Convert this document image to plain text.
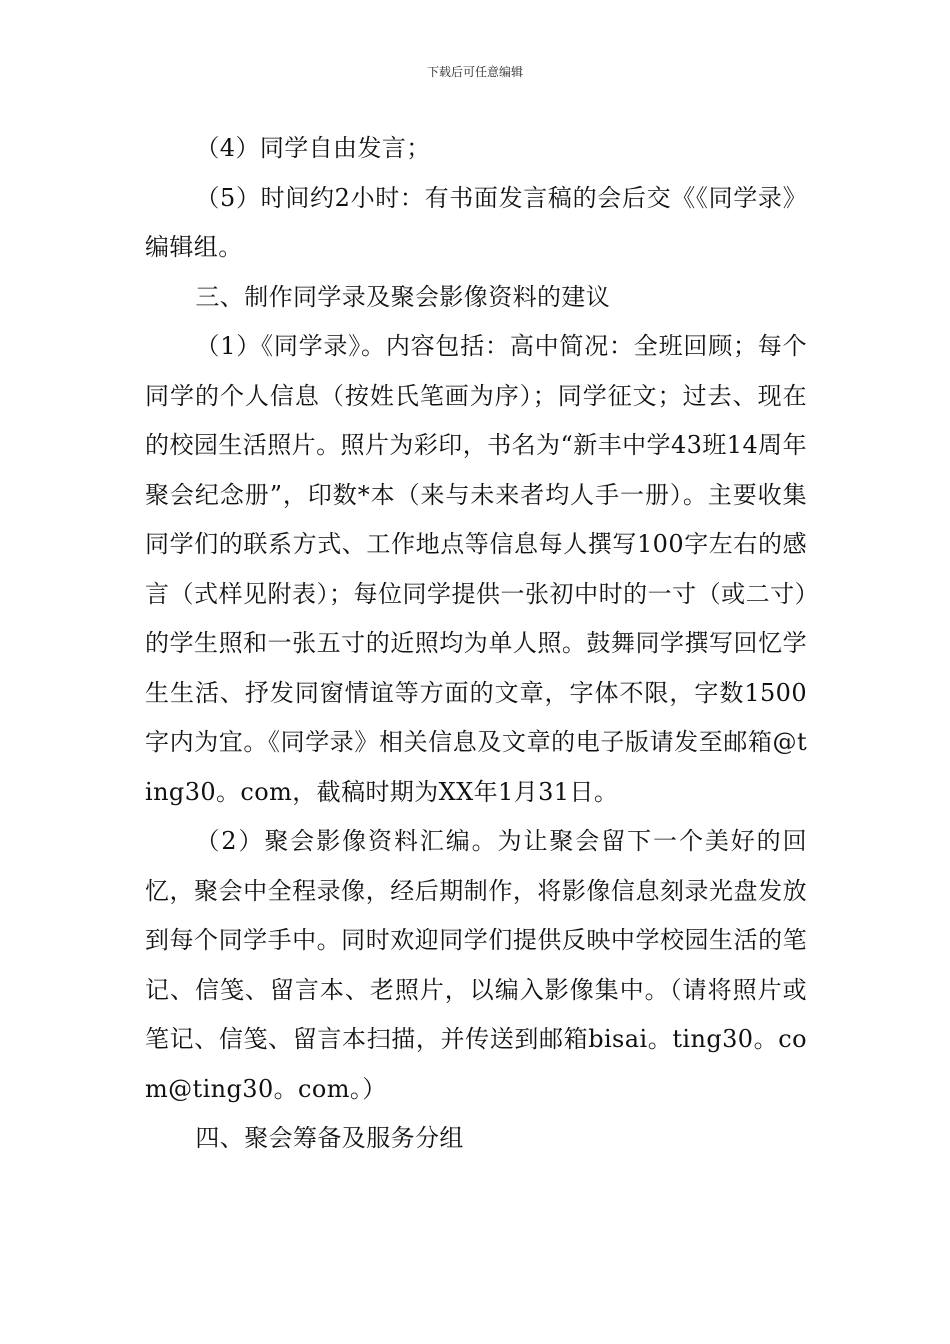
下载后可任意编辑

（4）同学自由发言；

（5）时间约2小时：有书面发言稿的会后交《《同学录》编辑组。

三、制作同学录及聚会影像资料的建议

（1）《同学录》。内容包括：高中简况：全班回顾；每个同学的个人信息（按姓氏笔画为序）；同学征文；过去、现在的校园生活照片。照片为彩印，书名为“新丰中学43班14周年聚会纪念册”，印数*本（来与未来者均人手一册）。主要收集同学们的联系方式、工作地点等信息每人撰写100字左右的感言（式样见附表）；每位同学提供一张初中时的一寸（或二寸）的学生照和一张五寸的近照均为单人照。鼓舞同学撰写回忆学生生活、抒发同窗情谊等方面的文章，字体不限，字数1500字内为宜。《同学录》相关信息及文章的电子版请发至邮箱@ting30。com，截稿时期为XX年1月31日。

（2）聚会影像资料汇编。为让聚会留下一个美好的回忆，聚会中全程录像，经后期制作，将影像信息刻录光盘发放到每个同学手中。同时欢迎同学们提供反映中学校园生活的笔记、信笺、留言本、老照片，以编入影像集中。（请将照片或笔记、信笺、留言本扫描，并传送到邮箱bisai。ting30。com@ting30。com。）

四、聚会筹备及服务分组
